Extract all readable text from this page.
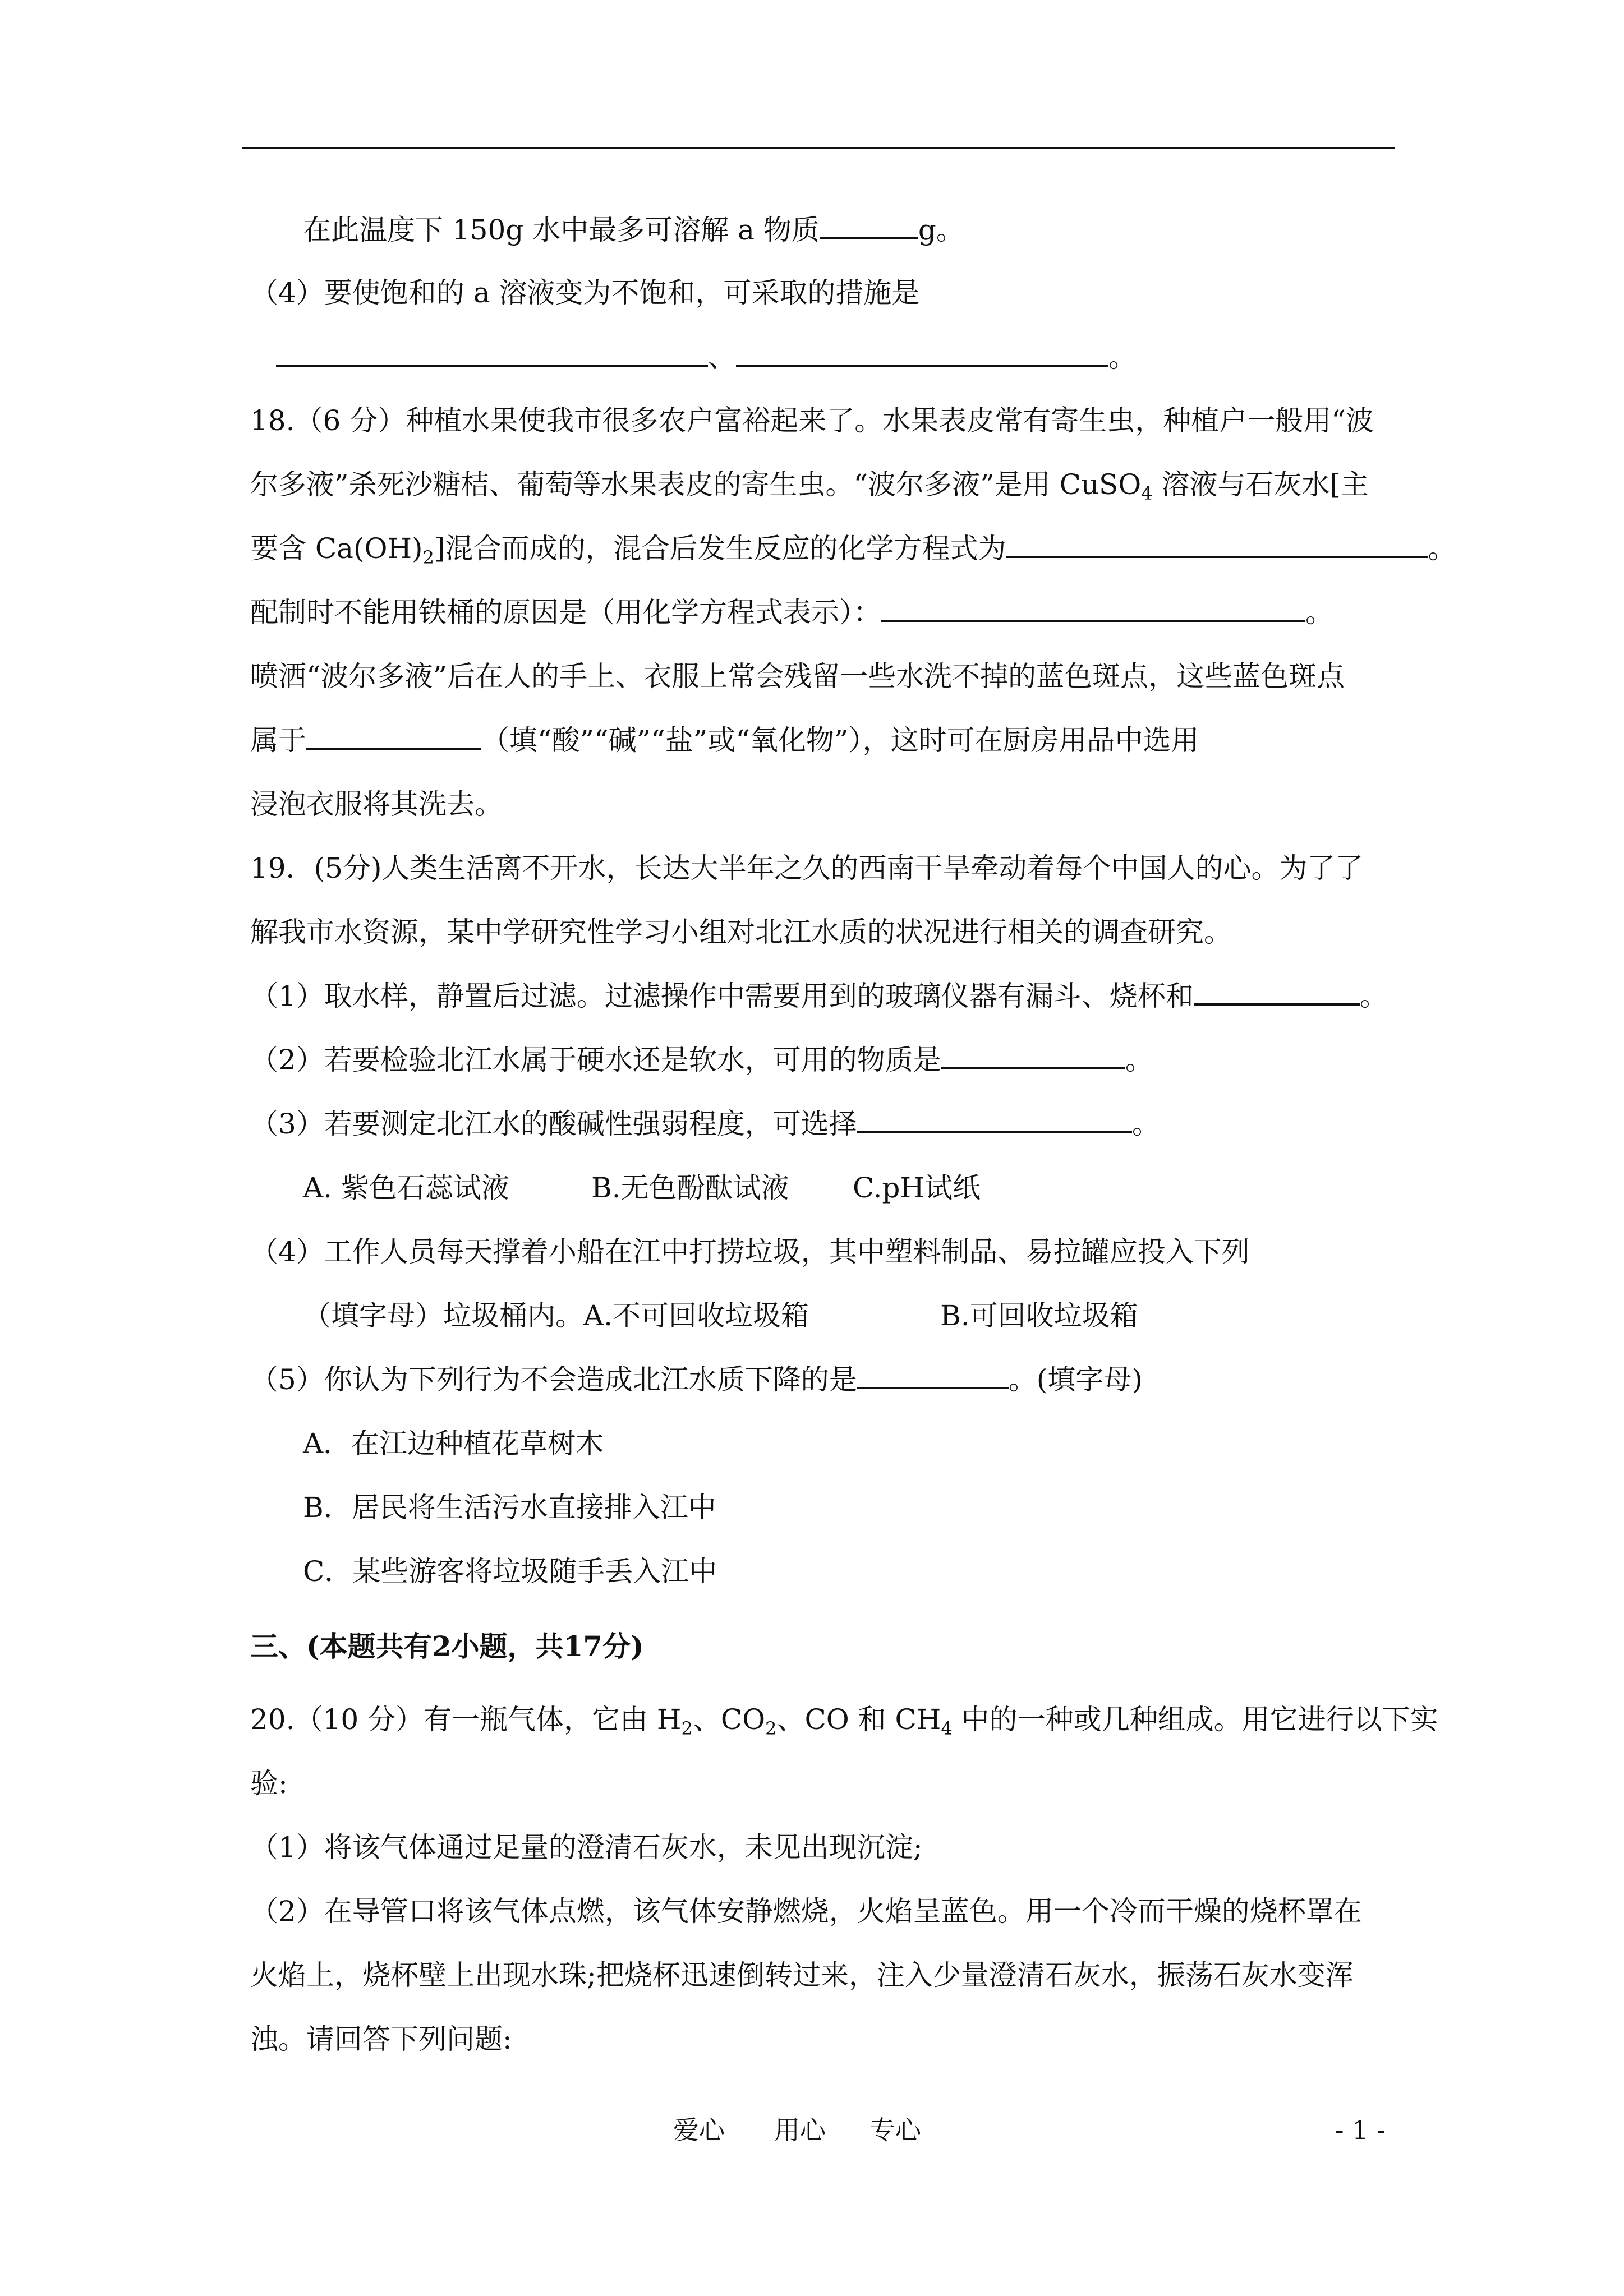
在此温度下 150g 水中最多可溶解 a 物质	g。
（4）要使饱和的 a 溶液变为不饱和，可采取的措施是
、	。
18.（6 分）种植水果使我市很多农户富裕起来了。水果表皮常有寄生虫，种植户一般用“波
尔多液”杀死沙糖桔、葡萄等水果表皮的寄生虫。“波尔多液”是用 CuSO$_4$ 溶液与石灰水[主
要含 $Ca(OH)_2$]混合而成的，混合后发生反应的化学方程式为	。
配制时不能用铁桶的原因是（用化学方程式表示）：	。
喷洒“波尔多液”后在人的手上、衣服上常会残留一些水洗不掉的蓝色斑点，这些蓝色斑点
属于	（填“酸”“碱”“盐”或“氧化物”），这时可在厨房用品中选用
浸泡衣服将其洗去。
19．(5分)人类生活离不开水，长达大半年之久的西南干旱牵动着每个中国人的心。为了了
解我市水资源，某中学研究性学习小组对北江水质的状况进行相关的调查研究。
（1）取水样，静置后过滤。过滤操作中需要用到的玻璃仪器有漏斗、烧杯和	。
（2）若要检验北江水属于硬水还是软水，可用的物质是	。
（3）若要测定北江水的酸碱性强弱程度，可选择	。
A. 紫色石蕊试液	B.无色酚酞试液 C.pH试纸
（4）工作人员每天撑着小船在江中打捞垃圾，其中塑料制品、易拉罐应投入下列
（填字母）垃圾桶内。A.不可回收垃圾箱	B.可回收垃圾箱
（5）你认为下列行为不会造成北江水质下降的是	。(填字母)
A．在江边种植花草树木
B．居民将生活污水直接排入江中
C．某些游客将垃圾随手丢入江中
三、(本题共有2小题，共17分)
20.（10 分）有一瓶气体，它由 $H_2$、$CO_2$、CO 和 $CH_4$ 中的一种或几种组成。用它进行以下实
验:
（1）将该气体通过足量的澄清石灰水，未见出现沉淀;
（2）在导管口将该气体点燃，该气体安静燃烧，火焰呈蓝色。用一个冷而干燥的烧杯罩在
火焰上，烧杯壁上出现水珠;把烧杯迅速倒转过来，注入少量澄清石灰水，振荡石灰水变浑
浊。请回答下列问题:
爱心 用心 专心	- 1 -
